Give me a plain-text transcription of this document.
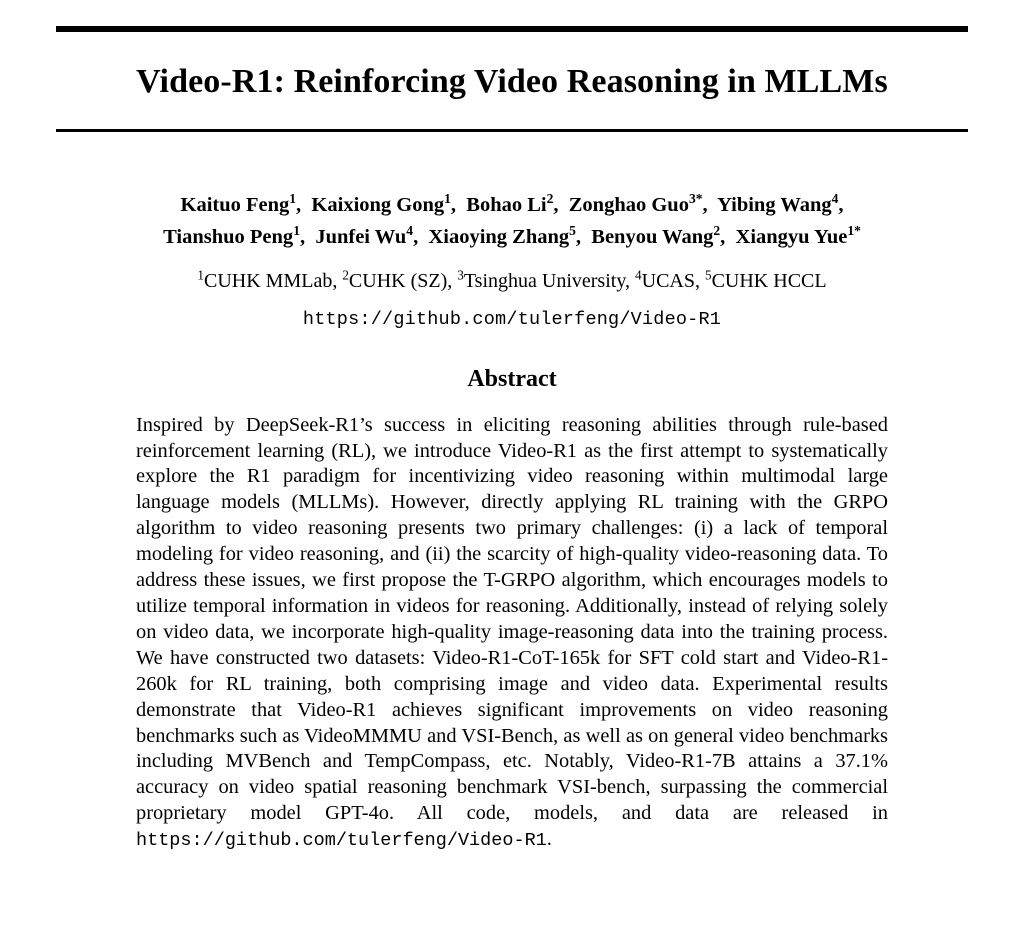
Video-R1: Reinforcing Video Reasoning in MLLMs
Kaituo Feng$^1$,  Kaixiong Gong$^1$,  Bohao Li$^2$,  Zonghao Guo$^{3*}$,  Yibing Wang$^4$,
Tianshuo Peng$^1$,  Junfei Wu$^4$,  Xiaoying Zhang$^5$,  Benyou Wang$^2$,  Xiangyu Yue$^{1*}$
$^1$CUHK MMLab, $^2$CUHK (SZ), $^3$Tsinghua University, $^4$UCAS, $^5$CUHK HCCL
https://github.com/tulerfeng/Video-R1
Abstract
Inspired by DeepSeek-R1’s success in eliciting reasoning abilities through rule-based reinforcement learning (RL), we introduce Video-R1 as the first attempt to systematically explore the R1 paradigm for incentivizing video reasoning within multimodal large language models (MLLMs). However, directly applying RL training with the GRPO algorithm to video reasoning presents two primary challenges: (i) a lack of temporal modeling for video reasoning, and (ii) the scarcity of high-quality video-reasoning data. To address these issues, we first propose the T-GRPO algorithm, which encourages models to utilize temporal information in videos for reasoning. Additionally, instead of relying solely on video data, we incorporate high-quality image-reasoning data into the training process. We have constructed two datasets: Video-R1-CoT-165k for SFT cold start and Video-R1-260k for RL training, both comprising image and video data. Experimental results demonstrate that Video-R1 achieves significant improvements on video reasoning benchmarks such as VideoMMMU and VSI-Bench, as well as on general video benchmarks including MVBench and TempCompass, etc. Notably, Video-R1-7B attains a 37.1% accuracy on video spatial reasoning benchmark VSI-bench, surpassing the commercial proprietary model GPT-4o. All code, models, and data are released in https://github.com/tulerfeng/Video-R1.
